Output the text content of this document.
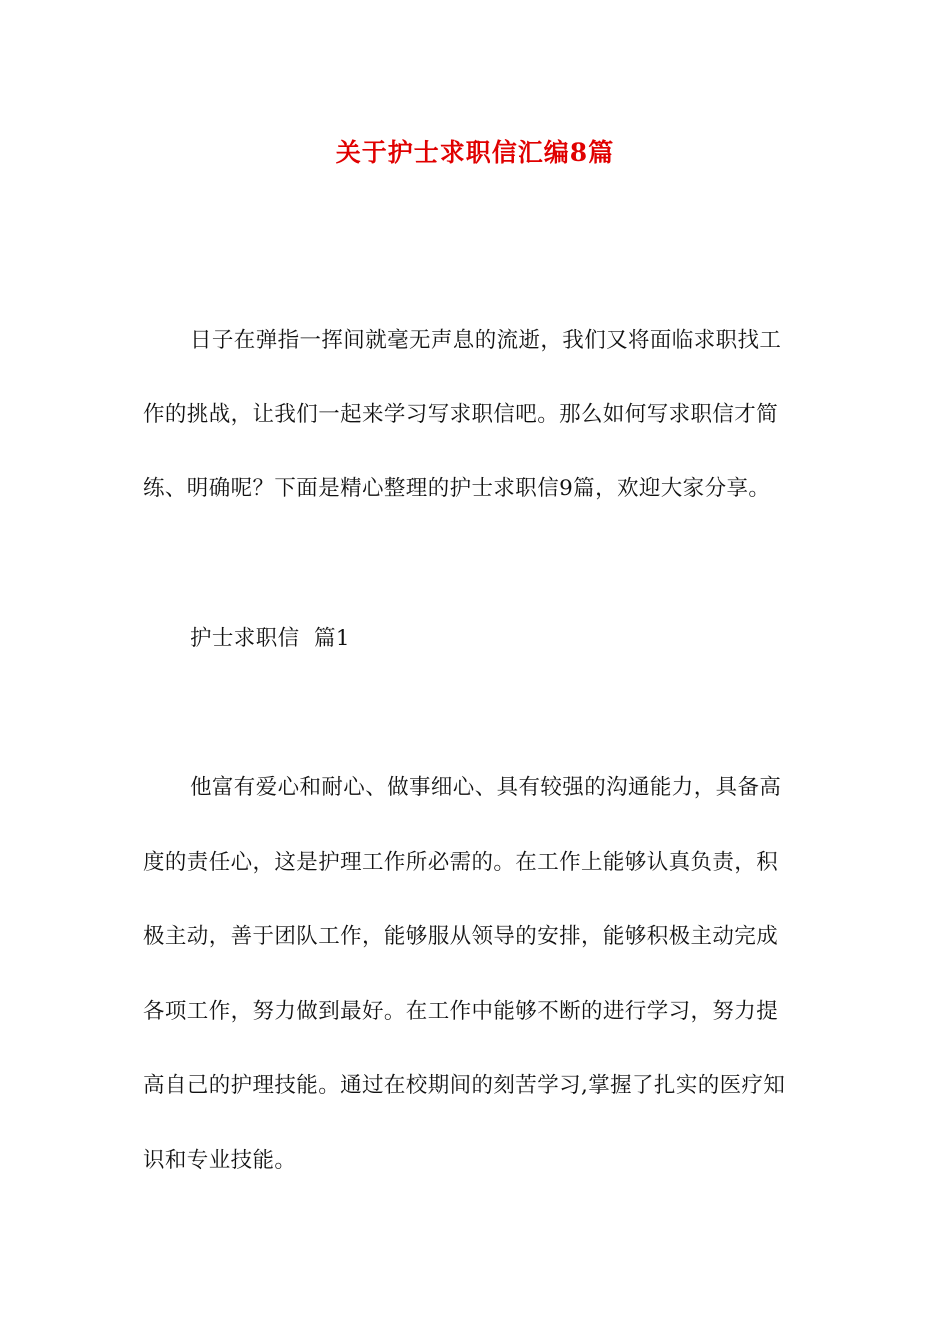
关于护士求职信汇编8篇
日子在弹指一挥间就毫无声息的流逝，我们又将面临求职找工
作的挑战，让我们一起来学习写求职信吧。那么如何写求职信才简
练、明确呢？下面是精心整理的护士求职信9篇，欢迎大家分享。
护士求职信  篇1
他富有爱心和耐心、做事细心、具有较强的沟通能力，具备高
度的责任心，这是护理工作所必需的。在工作上能够认真负责，积
极主动，善于团队工作，能够服从领导的安排，能够积极主动完成
各项工作，努力做到最好。在工作中能够不断的进行学习，努力提
高自己的护理技能。通过在校期间的刻苦学习,掌握了扎实的医疗知
识和专业技能。
